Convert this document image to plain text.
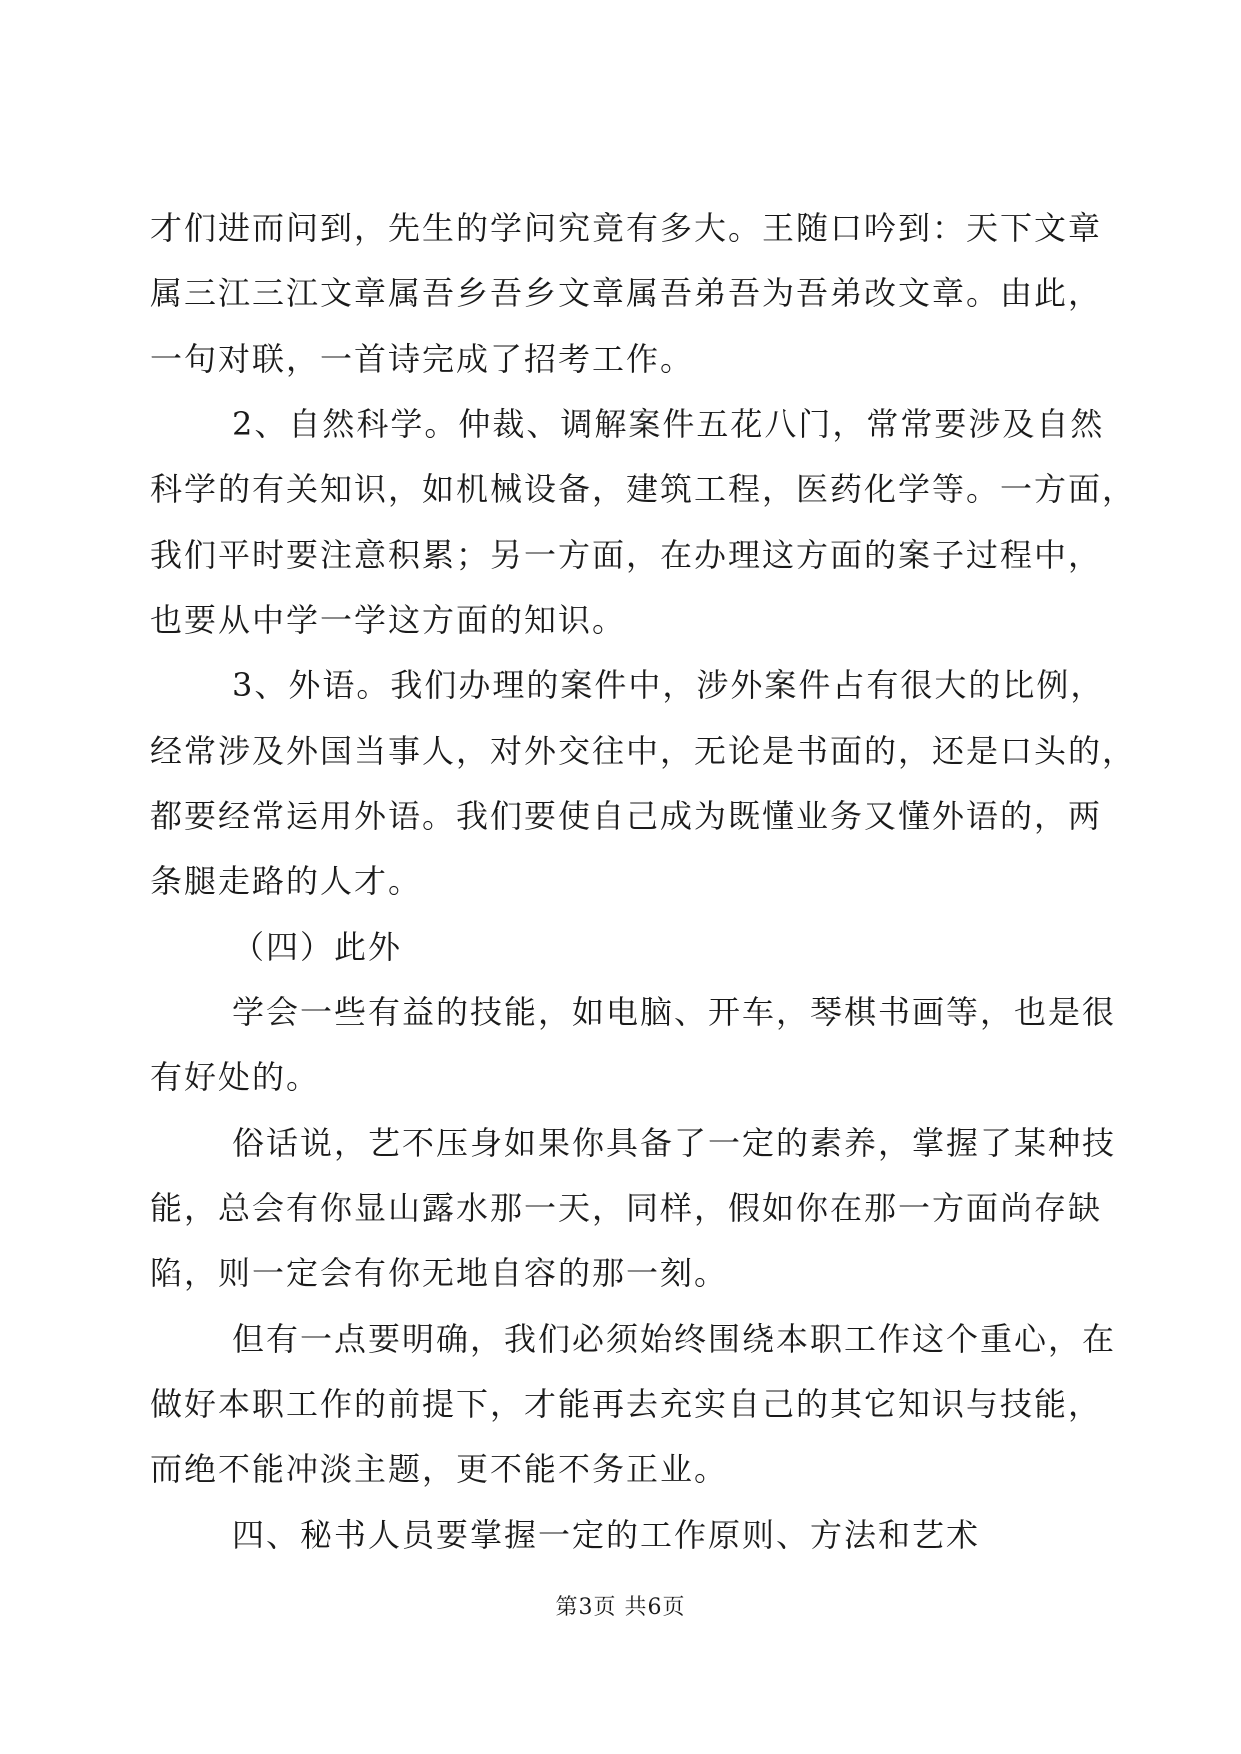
才们进而问到，先生的学问究竟有多大。王随口吟到：天下文章
属三江三江文章属吾乡吾乡文章属吾弟吾为吾弟改文章。由此，
一句对联，一首诗完成了招考工作。
2、自然科学。仲裁、调解案件五花八门，常常要涉及自然
科学的有关知识，如机械设备，建筑工程，医药化学等。一方面，
我们平时要注意积累；另一方面，在办理这方面的案子过程中，
也要从中学一学这方面的知识。
3、外语。我们办理的案件中，涉外案件占有很大的比例，
经常涉及外国当事人，对外交往中，无论是书面的，还是口头的，
都要经常运用外语。我们要使自己成为既懂业务又懂外语的，两
条腿走路的人才。
（四）此外
学会一些有益的技能，如电脑、开车，琴棋书画等，也是很
有好处的。
俗话说，艺不压身如果你具备了一定的素养，掌握了某种技
能，总会有你显山露水那一天，同样，假如你在那一方面尚存缺
陷，则一定会有你无地自容的那一刻。
但有一点要明确，我们必须始终围绕本职工作这个重心，在
做好本职工作的前提下，才能再去充实自己的其它知识与技能，
而绝不能冲淡主题，更不能不务正业。
四、秘书人员要掌握一定的工作原则、方法和艺术
第3页 共6页
